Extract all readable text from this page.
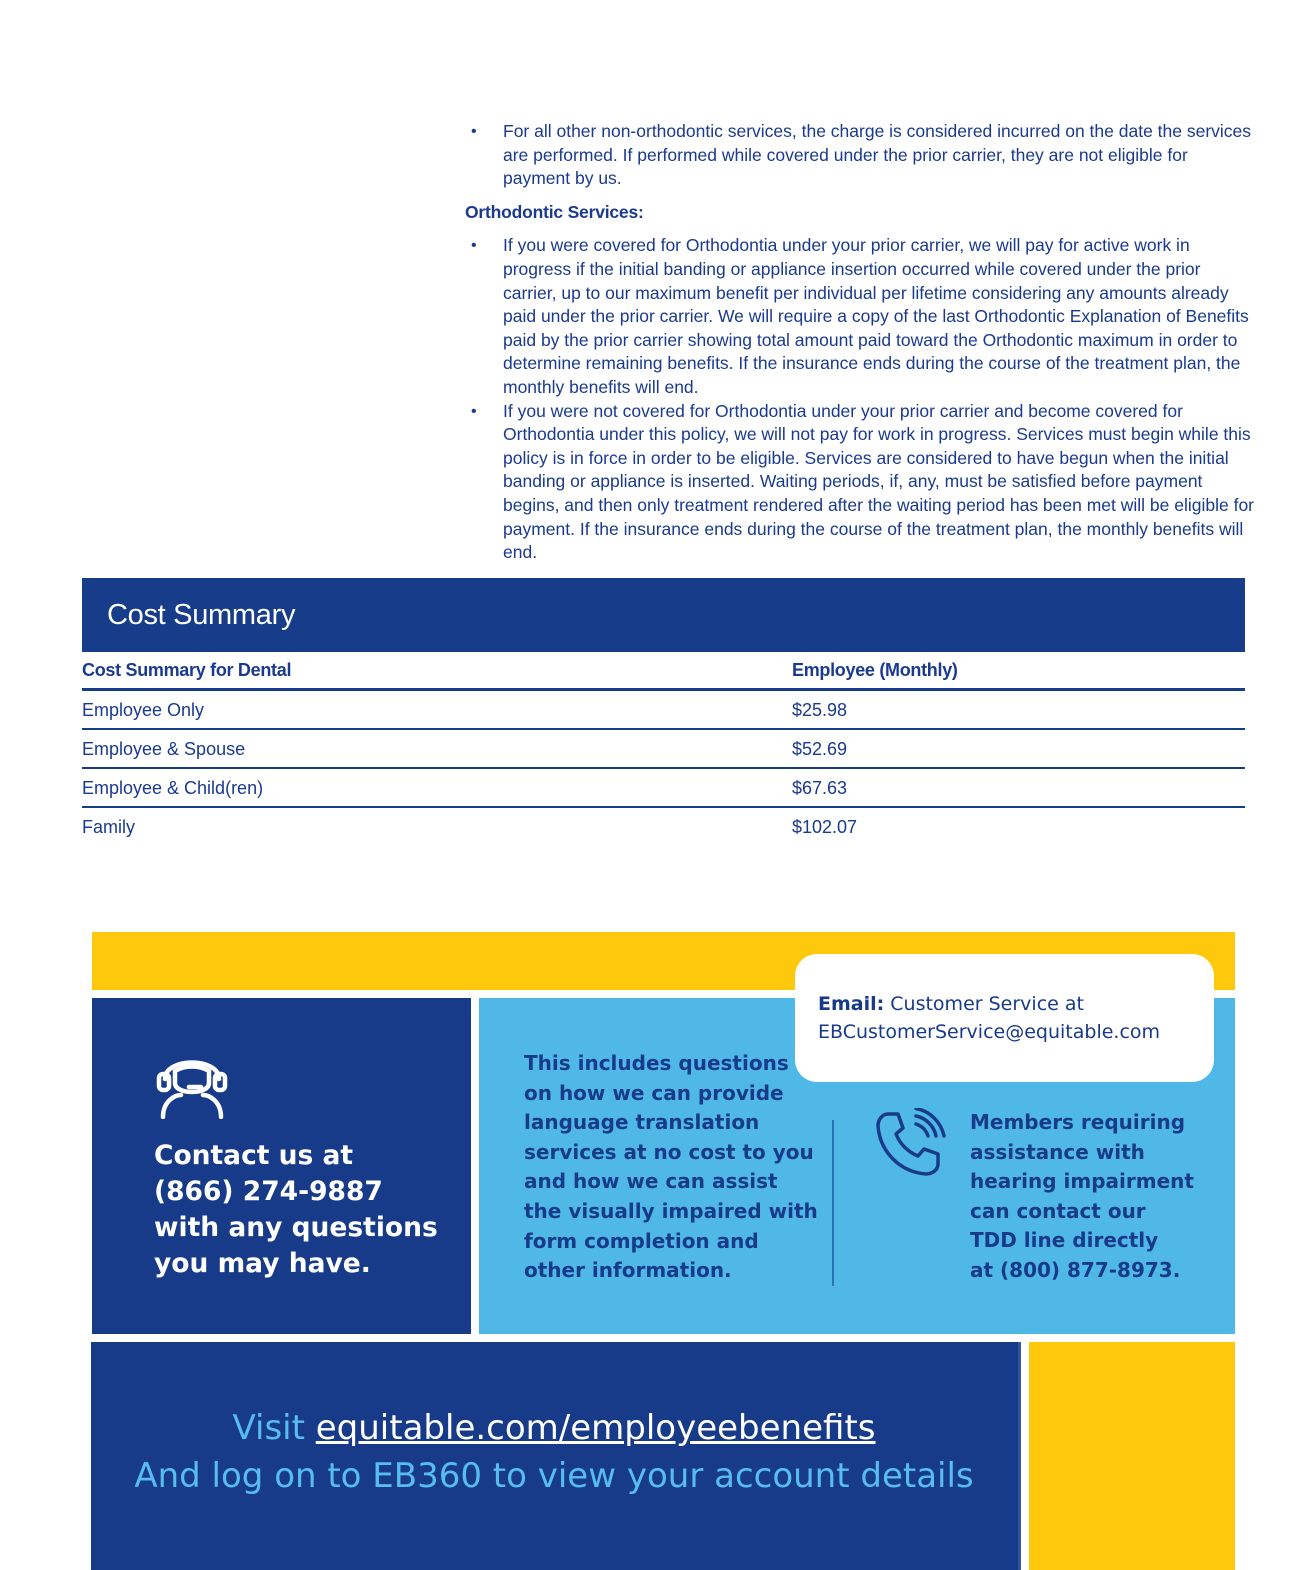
• For all other non-orthodontic services, the charge is considered incurred on the date the services are performed. If performed while covered under the prior carrier, they are not eligible for payment by us.

Orthodontic Services:

• If you were covered for Orthodontia under your prior carrier, we will pay for active work in progress if the initial banding or appliance insertion occurred while covered under the prior carrier, up to our maximum benefit per individual per lifetime considering any amounts already paid under the prior carrier. We will require a copy of the last Orthodontic Explanation of Benefits paid by the prior carrier showing total amount paid toward the Orthodontic maximum in order to determine remaining benefits. If the insurance ends during the course of the treatment plan, the monthly benefits will end.

• If you were not covered for Orthodontia under your prior carrier and become covered for Orthodontia under this policy, we will not pay for work in progress. Services must begin while this policy is in force in order to be eligible. Services are considered to have begun when the initial banding or appliance is inserted. Waiting periods, if, any, must be satisfied before payment begins, and then only treatment rendered after the waiting period has been met will be eligible for payment. If the insurance ends during the course of the treatment plan, the monthly benefits will end.

Cost Summary
Cost Summary for Dental	Employee (Monthly)
Employee Only	$25.98
Employee & Spouse	$52.69
Employee & Child(ren)	$67.63
Family	$102.07
Email: Customer Service at
EBCustomerService@equitable.com
Contact us at
(866) 274-9887
with any questions
you may have.
This includes questions
on how we can provide
language translation
services at no cost to you
and how we can assist
the visually impaired with
form completion and
other information.
Members requiring
assistance with
hearing impairment
can contact our
TDD line directly
at (800) 877-8973.
Visit equitable.com/employeebenefits
And log on to EB360 to view your account details
